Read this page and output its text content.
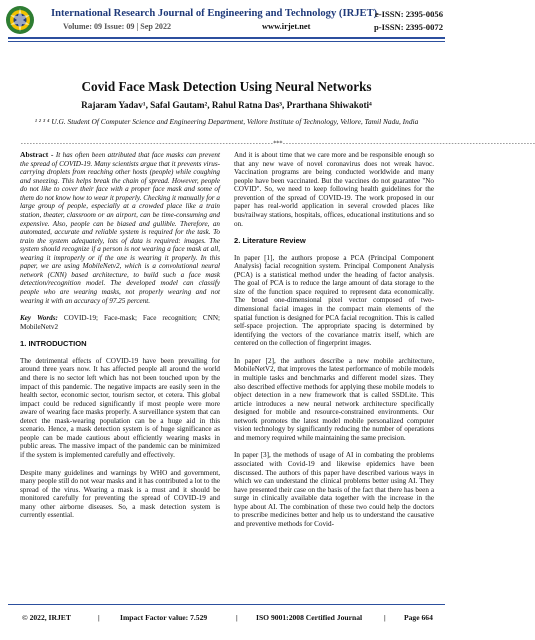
International Research Journal of Engineering and Technology (IRJET)
e-ISSN: 2395-0056
Volume: 09 Issue: 09 | Sep 2022	www.irjet.net	p-ISSN: 2395-0072
Covid Face Mask Detection Using Neural Networks
Rajaram Yadav¹, Safal Gautam², Rahul Ratna Das³, Prarthana Shiwakoti⁴
¹ ² ³ ⁴ U.G. Student Of Computer Science and Engineering Department, Vellore Institute of Technology, Vellore, Tamil Nadu, India
------------------------------------------------------------------------------------***------------------------------------------------------------------------------------

Abstract - It has often been attributed that face masks can prevent the spread of COVID-19. Many scientists argue that it prevents virus-carrying droplets from reaching other hosts (people) while coughing and sneezing. This helps break the chain of spread. However, people do not like to cover their face with a proper face mask and some of them do not know how to wear it properly. Checking it manually for a large group of people, especially at a crowded place like a train station, theater, classroom or an airport, can be time-consuming and expensive. Also, people can be biased and gullible. Therefore, an automated, accurate and reliable system is required for the task. To train the system adequately, lots of data is required: images. The system should recognize if a person is not wearing a face mask at all, wearing it improperly or if the one is wearing it properly. In this paper, we are using MobileNetv2, which is a convolutional neural network (CNN) based architecture, to build such a face mask detection/recognition model. The developed model can classify people who are wearing masks, not properly wearing and not wearing it with an accuracy of 97.25 percent.

Key Words: COVID-19; Face-mask; Face recognition; CNN; MobileNetv2

1. INTRODUCTION

The detrimental effects of COVID-19 have been prevailing for around three years now. It has affected people all around the world and there is no sector left which has not been touched upon by the impact of this pandemic. The negative impacts are easily seen in the health sector, economic sector, tourism sector, et cetera. This global impact could be reduced significantly if most people were more aware of wearing face masks properly. A surveillance system that can detect the mask-wearing population can be a huge aid in this scenario. Hence, a mask detection system is of huge significance as people can be made cautious about efficiently wearing masks in public areas. The massive impact of the pandemic can be minimized if the system is implemented carefully and effectively.

Despite many guidelines and warnings by WHO and government, many people still do not wear masks and it has contributed a lot to the spread of the virus. Wearing a mask is a must and it should be monitored carefully for preventing the spread of COVID-19 and many other airborne diseases. So, a mask detection system is currently essential.

And it is about time that we care more and be responsible enough so that any new wave of novel coronavirus does not wreak havoc. Vaccination programs are being conducted worldwide and many people have been vaccinated. But the vaccines do not guarantee "No COVID". So, we need to keep following health guidelines for the prevention of the spread of COVID-19. The work proposed in our paper has real-world application in several crowded places like bus/railway stations, hospitals, offices, educational institutions and so on.

2. Literature Review

In paper [1], the authors propose a PCA (Principal Component Analysis) facial recognition system. Principal Component Analysis (PCA) is a statistical method under the heading of factor analysis. The goal of PCA is to reduce the large amount of data storage to the size of the function space required to represent data economically. The broad one-dimensional pixel vector composed of two-dimensional facial images in the compact main elements of the spatial function is designed for PCA facial recognition. This is called self-space projection. The appropriate spacing is determined by identifying the vectors of the covariance matrix itself, which are centered on the collection of fingerprint images.

In paper [2], the authors describe a new mobile architecture, MobileNetV2, that improves the latest performance of mobile models in multiple tasks and benchmarks and different model sizes. They also described effective methods for applying these mobile models to object detection in a new framework that is called SSDLite. This article introduces a new neural network architecture specifically designed for mobile and resource-constrained environments. Our network promotes the latest model mobile personalized computer vision technology by significantly reducing the number of operations and memory required while maintaining the same precision.

In paper [3], the methods of usage of AI in combating the problems associated with Covid-19 and likewise epidemics have been discussed. The authors of this paper have described various ways in which we can understand the clinical problems better using AI. They have presented their case on the basis of the fact that there has been a surge in clinically available data together with the increase in the hype about AI. The combination of these two could help the doctors to prescribe medicines better and help us to understand the causative and preventive methods for Covid-

© 2022, IRJET	|	Impact Factor value: 7.529	| ISO 9001:2008 Certified Journal	| Page 664
